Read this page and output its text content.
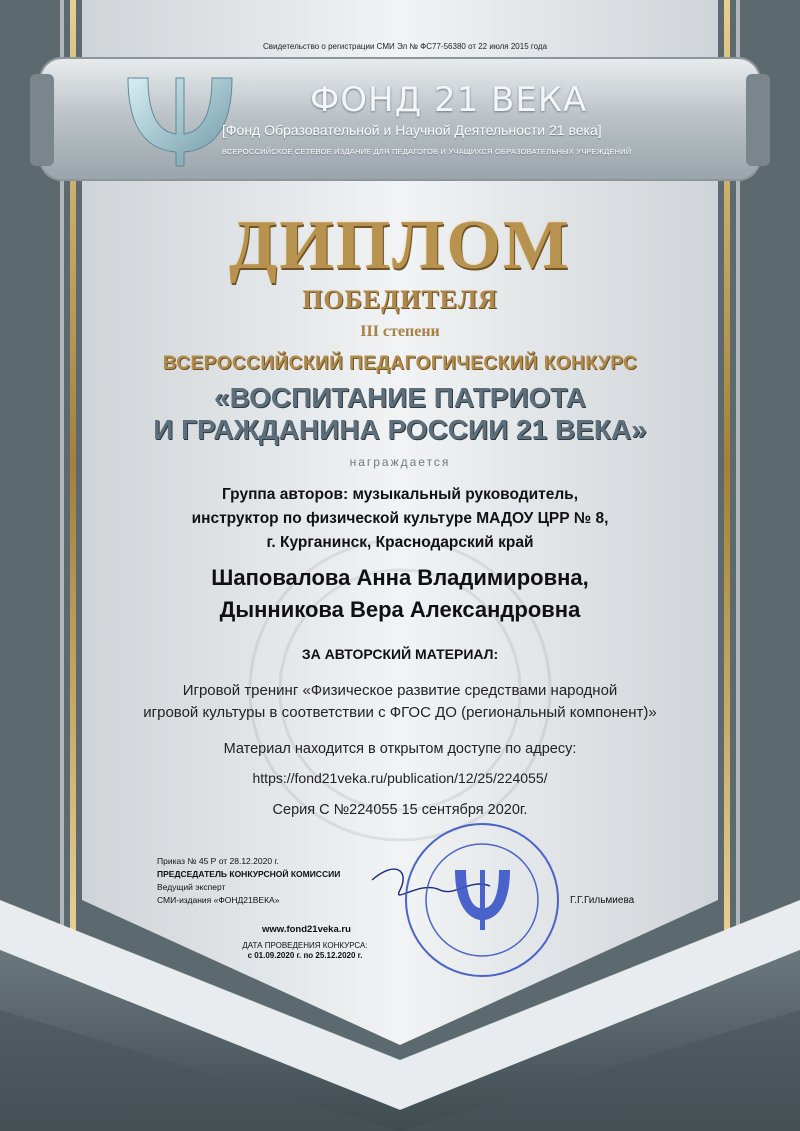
Свидетельство о регистрации СМИ Эл № ФС77-56380 от 22 июля 2015 года
ФОНД 21 ВЕКА
[Фонд Образовательной и Научной Деятельности 21 века]
ВСЕРОССИЙСКОЕ СЕТЕВОЕ ИЗДАНИЕ ДЛЯ ПЕДАГОГОВ И УЧАЩИХСЯ ОБРАЗОВАТЕЛЬНЫХ УЧРЕЖДЕНИЙ
ДИПЛОМ
ПОБЕДИТЕЛЯ
III степени
ВСЕРОССИЙСКИЙ ПЕДАГОГИЧЕСКИЙ КОНКУРС
«ВОСПИТАНИЕ ПАТРИОТА
И ГРАЖДАНИНА РОССИИ 21 ВЕКА»
награждается
Группа авторов: музыкальный руководитель,
инструктор по физической культуре МАДОУ ЦРР № 8,
г. Курганинск, Краснодарский край
Шаповалова Анна Владимировна,
Дынникова Вера Александровна
ЗА АВТОРСКИЙ МАТЕРИАЛ:
Игровой тренинг «Физическое развитие средствами народной
игровой культуры в соответствии с ФГОС ДО (региональный компонент)»
Материал находится в открытом доступе по адресу:
https://fond21veka.ru/publication/12/25/224055/
Серия С №224055 15 сентября 2020г.
Приказ № 45 Р от 28.12.2020 г.
ПРЕДСЕДАТЕЛЬ КОНКУРСНОЙ КОМИССИИ
Ведущий эксперт
СМИ-издания «ФОНД21ВЕКА»	Г.Г.Гильмиева
www.fond21veka.ru
ДАТА ПРОВЕДЕНИЯ КОНКУРСА:
с 01.09.2020 г. по 25.12.2020 г.
